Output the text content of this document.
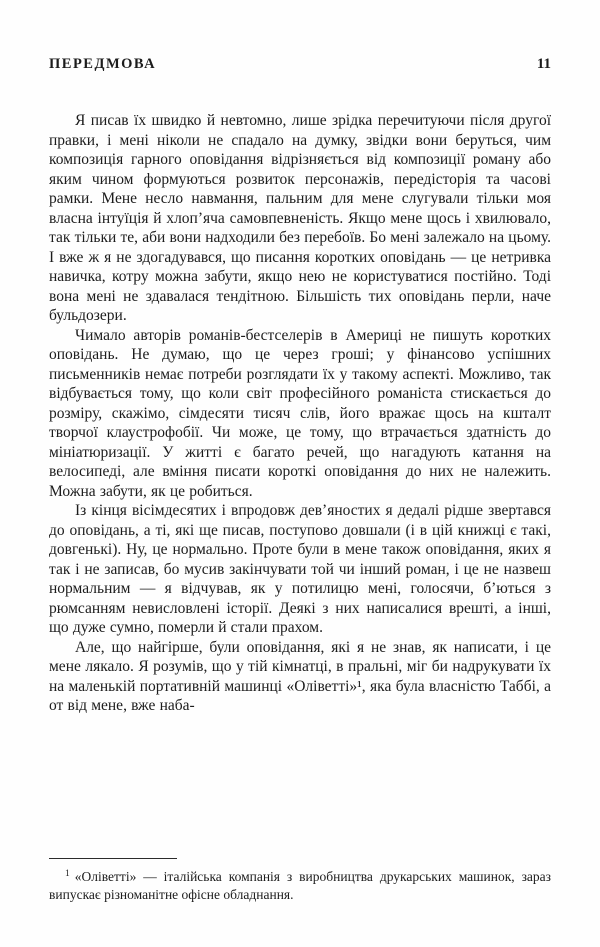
ПЕРЕДМОВА	11

Я писав їх швидко й невтомно, лише зрідка перечитуючи після другої правки, і мені ніколи не спадало на думку, звідки вони беруться, чим композиція гарного оповідання відрізняється від композиції роману або яким чином формуються розвиток персонажів, передісторія та часові рамки. Мене несло навмання, пальним для мене слугували тільки моя власна інтуїція й хлоп’яча самовпевненість. Якщо мене щось і хвилювало, так тільки те, аби вони надходили без перебоїв. Бо мені залежало на цьому. І вже ж я не здогадувався, що писання коротких оповідань — це нетривка навичка, котру можна забути, якщо нею не користуватися постійно. Тоді вона мені не здавалася тендітною. Більшість тих оповідань перли, наче бульдозери.

Чимало авторів романів-бестселерів в Америці не пишуть коротких оповідань. Не думаю, що це через гроші; у фінансово успішних письменників немає потреби розглядати їх у такому аспекті. Можливо, так відбувається тому, що коли світ професійного романіста стискається до розміру, скажімо, сімдесяти тисяч слів, його вражає щось на кшталт творчої клаустрофобії. Чи може, це тому, що втрачається здатність до мініатюризації. У житті є багато речей, що нагадують катання на велосипеді, але вміння писати короткі оповідання до них не належить. Можна забути, як це робиться.

Із кінця вісімдесятих і впродовж дев’яностих я дедалі рідше звертався до оповідань, а ті, які ще писав, поступово довшали (і в цій книжці є такі, довгенькі). Ну, це нормально. Проте були в мене також оповідання, яких я так і не записав, бо мусив закінчувати той чи інший роман, і це не назвеш нормальним — я відчував, як у потилицю мені, голосячи, б’ються з рюмсанням невисловлені історії. Деякі з них написалися врешті, а інші, що дуже сумно, померли й стали прахом.

Але, що найгірше, були оповідання, які я не знав, як написати, і це мене лякало. Я розумів, що у тій кімнатці, в пральні, міг би надрукувати їх на маленькій портативній машинці «Оліветті»¹, яка була власністю Таббі, а от від мене, вже наба-

$^1$ «Оліветті» — італійська компанія з виробництва друкарських машинок, зараз випускає різноманітне офісне обладнання.
